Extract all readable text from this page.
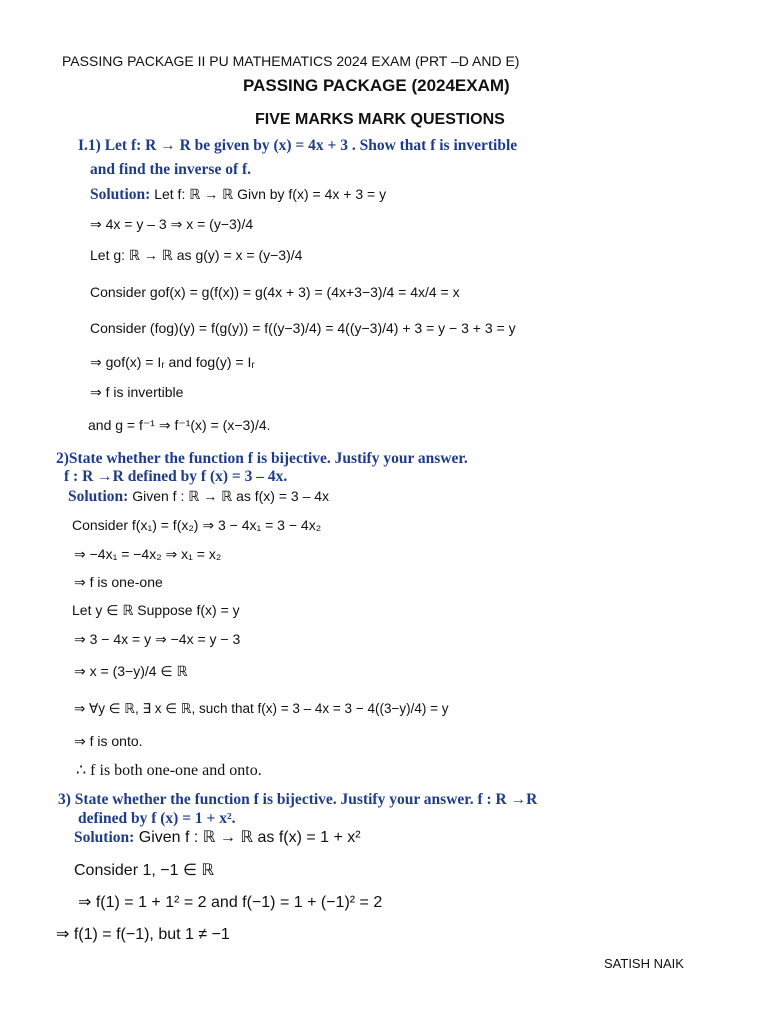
PASSING PACKAGE II PU MATHEMATICS 2024 EXAM (PRT –D AND E)
PASSING PACKAGE (2024EXAM)
FIVE MARKS MARK QUESTIONS
I.1) Let f: R → R be given by (x) = 4x + 3 . Show that f is invertible
and find the inverse of f.
Solution: Let f: ℝ → ℝ Givn by f(x) = 4x + 3 = y
⇒ 4x = y – 3 ⇒ x = (y−3)/4
Let g: ℝ → ℝ as g(y) = x = (y−3)/4
Consider gof(x) = g(f(x)) = g(4x + 3) = (4x+3−3)/4 = 4x/4 = x
Consider (fog)(y) = f(g(y)) = f((y−3)/4) = 4((y−3)/4) + 3 = y − 3 + 3 = y
⇒ gof(x) = Iᵣ and fog(y) = Iᵣ
⇒ f is invertible
and g = f⁻¹ ⇒ f⁻¹(x) = (x−3)/4.
2)State whether the function f is bijective. Justify your answer.
f : R →R defined by f (x) = 3 – 4x.
Solution: Given f : ℝ → ℝ as f(x) = 3 – 4x
Consider f(x₁) = f(x₂) ⇒ 3 − 4x₁ = 3 − 4x₂
⇒ −4x₁ = −4x₂ ⇒ x₁ = x₂
⇒ f is one-one
Let y ∈ ℝ Suppose f(x) = y
⇒ 3 − 4x = y ⇒ −4x = y − 3
⇒ x = (3−y)/4 ∈ ℝ
⇒ ∀y ∈ ℝ, ∃ x ∈ ℝ, such that f(x) = 3 – 4x = 3 − 4((3−y)/4) = y
⇒ f is onto.
∴ f is both one-one and onto.
3) State whether the function f is bijective. Justify your answer. f : R →R
defined by f (x) = 1 + x².
Solution: Given f : ℝ → ℝ as f(x) = 1 + x²
Consider 1, −1 ∈ ℝ
⇒ f(1) = 1 + 1² = 2 and f(−1) = 1 + (−1)² = 2
⇒ f(1) = f(−1), but 1 ≠ −1
SATISH NAIK
